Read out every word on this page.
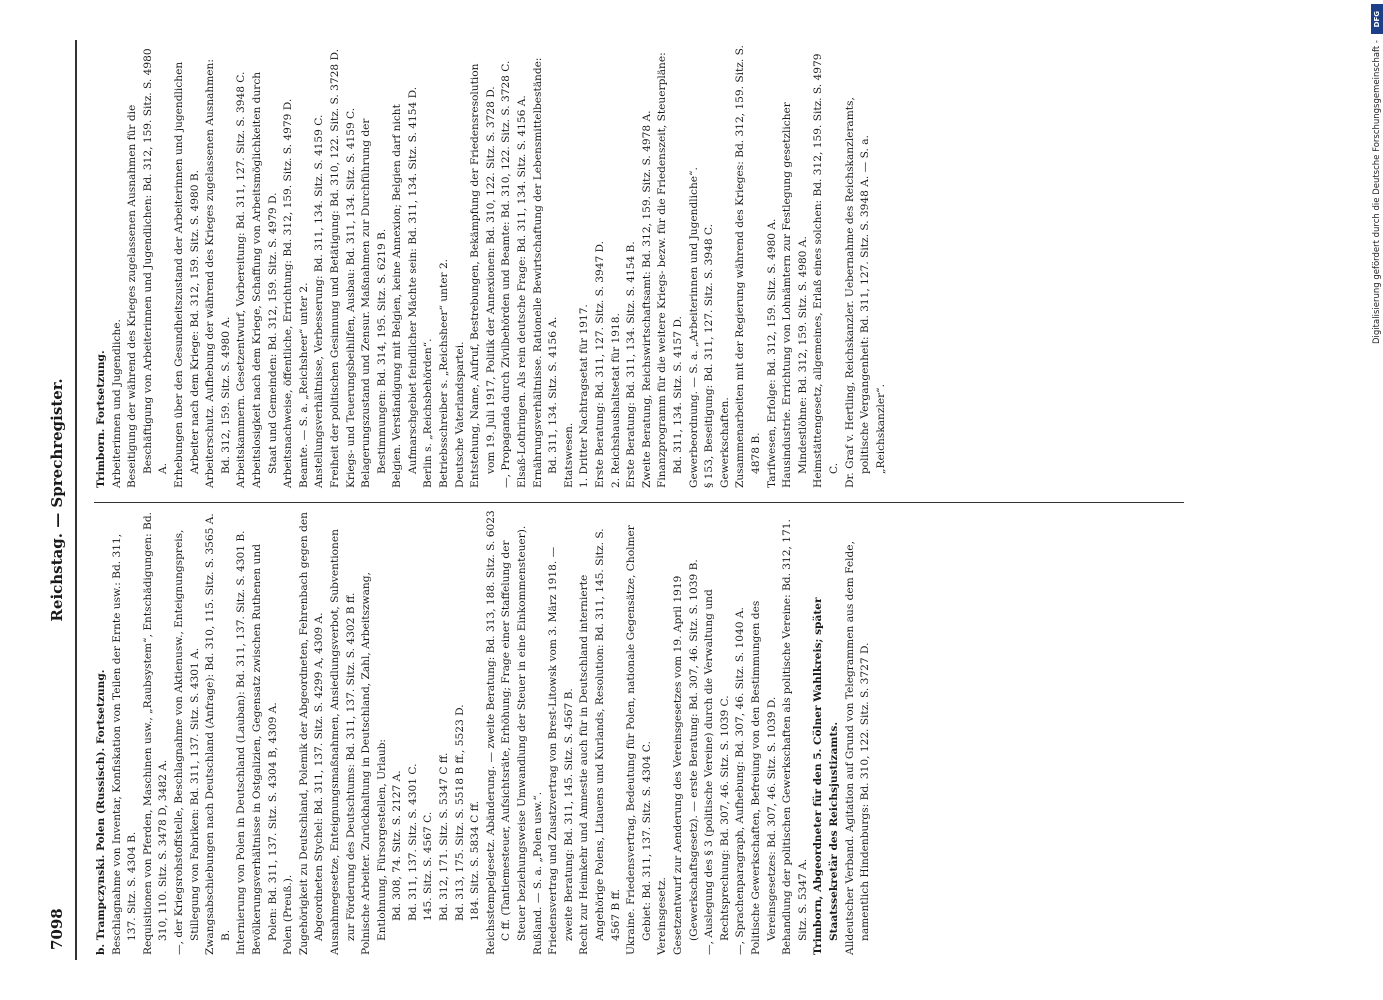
7098
Reichstag. — Sprechregister.

b. Trampczynski. Polen (Russisch). Fortsetzung. Beschlagnahme von Inventar, Konfiskation von Teilen der Ernte usw.: Bd. 311, 137. Sitz. S. 4304 B. Requisitionen von Pferden, Maschinen usw., „Raubsystem“, Entschädigungen: Bd. 310, 110. Sitz. S. 3478 D, 3482 A. —, der Kriegsrohstoffstelle, Beschlagnahme von Aktienusw., Enteignungspreis, Stillegung von Fabriken: Bd. 311, 137. Sitz. S. 4301 A. Zwangsabschiebungen nach Deutschland (Anfrage): Bd. 310, 115. Sitz. S. 3565 A. B. Internierung von Polen in Deutschland (Lauban): Bd. 311, 137. Sitz. S. 4301 B. Bevölkerungsverhältnisse in Ostgalizien, Gegensatz zwischen Ruthenen und Polen: Bd. 311, 137. Sitz. S. 4304 B, 4309 A. Polen (Preuß.). Zugehörigkeit zu Deutschland, Polemik der Abgeordneten, Fehrenbach gegen den Abgeordneten Stychel: Bd. 311, 137. Sitz. S. 4299 A, 4309 A. Ausnahmegesetze, Enteignungsmaßnahmen, Ansiedlungsverbot, Subventionen zur Förderung des Deutschtums: Bd. 311, 137. Sitz. S. 4302 B ff. Polnische Arbeiter. Zurückhaltung in Deutschland, Zahl, Arbeitszwang, Entlohnung, Fürsorgestellen, Urlaub: Bd. 308, 74. Sitz. S. 2127 A. Bd. 311, 137. Sitz. S. 4301 C. 145. Sitz. S. 4567 C. Bd. 312, 171. Sitz. S. 5347 C ff. Bd. 313, 175. Sitz. S. 5518 B ff., 5523 D. 184. Sitz. S. 5834 C ff. Reichsstempelgesetz. Abänderung. — zweite Beratung: Bd. 313, 188. Sitz. S. 6023 C ff. (Tantiemesteuer, Aufsichtsräte, Erhöhung; Frage einer Staffelung der Steuer beziehungsweise Umwandlung der Steuer in eine Einkommensteuer). Rußland. — S. a. „Polen usw.“. Friedensvertrag und Zusatzvertrag von Brest-Litowsk vom 3. März 1918. — zweite Beratung: Bd. 311, 145. Sitz. S. 4567 B. Recht zur Heimkehr und Amnestie auch für in Deutschland internierte Angehörige Polens, Litauens und Kurlands, Resolution: Bd. 311, 145. Sitz. S. 4567 B ff. Ukraine. Friedensvertrag, Bedeutung für Polen, nationale Gegensätze, Cholmer Gebiet: Bd. 311, 137. Sitz. S. 4304 C. Vereinsgesetz. Gesetzentwurf zur Aenderung des Vereinsgesetzes vom 19. April 1919 (Gewerkschaftsgesetz). — erste Beratung: Bd. 307, 46. Sitz. S. 1039 B. —, Auslegung des § 3 (politische Vereine) durch die Verwaltung und Rechtsprechung: Bd. 307, 46. Sitz. S. 1039 C. —, Sprachenparagraph, Aufhebung: Bd. 307, 46. Sitz. S. 1040 A. Politische Gewerkschaften, Befreiung von den Bestimmungen des Vereinsgesetzes: Bd. 307, 46. Sitz. S. 1039 D. Behandlung der politischen Gewerkschaften als politische Vereine: Bd. 312, 171. Sitz. S. 5347 A. Trimborn, Abgeordneter für den 5. Cölner Wahlkreis; später Staatssekretär des Reichsjustizamts. Alldeutscher Verband. Agitation auf Grund von Telegrammen aus dem Felde, namentlich Hindenburgs: Bd. 310, 122. Sitz. S. 3727 D.

Trimborn. Fortsetzung. Arbeiterinnen und Jugendliche. Beseitigung der während des Krieges zugelassenen Ausnahmen für die Beschäftigung von Arbeiterinnen und Jugendlichen: Bd. 312, 159. Sitz. S. 4980 A. Erhebungen über den Gesundheitszustand der Arbeiterinnen und jugendlichen Arbeiter nach dem Kriege: Bd. 312, 159. Sitz. S. 4980 B. Arbeiterschutz. Aufhebung der während des Krieges zugelassenen Ausnahmen: Bd. 312, 159. Sitz. S. 4980 A. Arbeitskammern. Gesetzentwurf, Vorbereitung: Bd. 311, 127. Sitz. S. 3948 C. Arbeitslosigkeit nach dem Kriege, Schaffung von Arbeitsmöglichkeiten durch Staat und Gemeinden: Bd. 312, 159. Sitz. S. 4979 D. Arbeitsnachweise, öffentliche, Errichtung: Bd. 312, 159. Sitz. S. 4979 D. Beamte. — S. a. „Reichsheer“ unter 2. Anstellungsverhältnisse, Verbesserung: Bd. 311, 134. Sitz. S. 4159 C. Freiheit der politischen Gesinnung und Betätigung: Bd. 310, 122. Sitz. S. 3728 D. Kriegs- und Teuerungsbeihilfen, Ausbau: Bd. 311, 134. Sitz. S. 4159 C. Belagerungszustand und Zensur. Maßnahmen zur Durchführung der Bestimmungen: Bd. 314, 195. Sitz. S. 6219 B. Belgien. Verständigung mit Belgien, keine Annexion; Belgien darf nicht Aufmarschgebiet feindlicher Mächte sein: Bd. 311, 134. Sitz. S. 4154 D. Berlin s. „Reichsbehörden“. Betriebsschreiber s. „Reichsheer“ unter 2. Deutsche Vaterlandspartei. Entstehung, Name, Aufruf, Bestrebungen, Bekämpfung der Friedensresolution vom 19. Juli 1917, Politik der Annexionen: Bd. 310, 122. Sitz. S. 3728 D. —, Propaganda durch Zivilbehörden und Beamte: Bd. 310, 122. Sitz. S. 3728 C. Elsaß-Lothringen. Als rein deutsche Frage: Bd. 311, 134. Sitz. S. 4156 A. Ernährungsverhältnisse. Rationelle Bewirtschaftung der Lebensmittelbestände: Bd. 311, 134. Sitz. S. 4156 A. Etatswesen. 1. Dritter Nachtragsetat für 1917. Erste Beratung: Bd. 311, 127. Sitz. S. 3947 D. 2. Reichshaushaltsetat für 1918. Erste Beratung: Bd. 311, 134. Sitz. S. 4154 B. Zweite Beratung, Reichswirtschaftsamt: Bd. 312, 159. Sitz. S. 4978 A. Finanzprogramm für die weitere Kriegs- bezw. für die Friedenszeit, Steuerpläne: Bd. 311, 134. Sitz. S. 4157 D. Gewerbeordnung. — S. a. „Arbeiterinnen und Jugendliche“. § 153, Beseitigung: Bd. 311, 127. Sitz. S. 3948 C. Gewerkschaften. Zusammenarbeiten mit der Regierung während des Krieges: Bd. 312, 159. Sitz. S. 4878 B. Tarifwesen, Erfolge: Bd. 312, 159. Sitz. S. 4980 A. Hausindustrie. Errichtung von Lohnämtern zur Festlegung gesetzlicher Mindestlöhne: Bd. 312, 159. Sitz. S. 4980 A. Heimstättengesetz, allgemeines, Erlaß eines solchen: Bd. 312, 159. Sitz. S. 4979 C. Dr. Graf v. Hertling, Reichskanzler. Uebernahme des Reichskanzleramts, politische Vergangenheit: Bd. 311, 127. Sitz. S. 3948 A. — S. a. „Reichskanzler“.

DFG
Digitalisierung gefördert durch die Deutsche Forschungsgemeinschaft -
